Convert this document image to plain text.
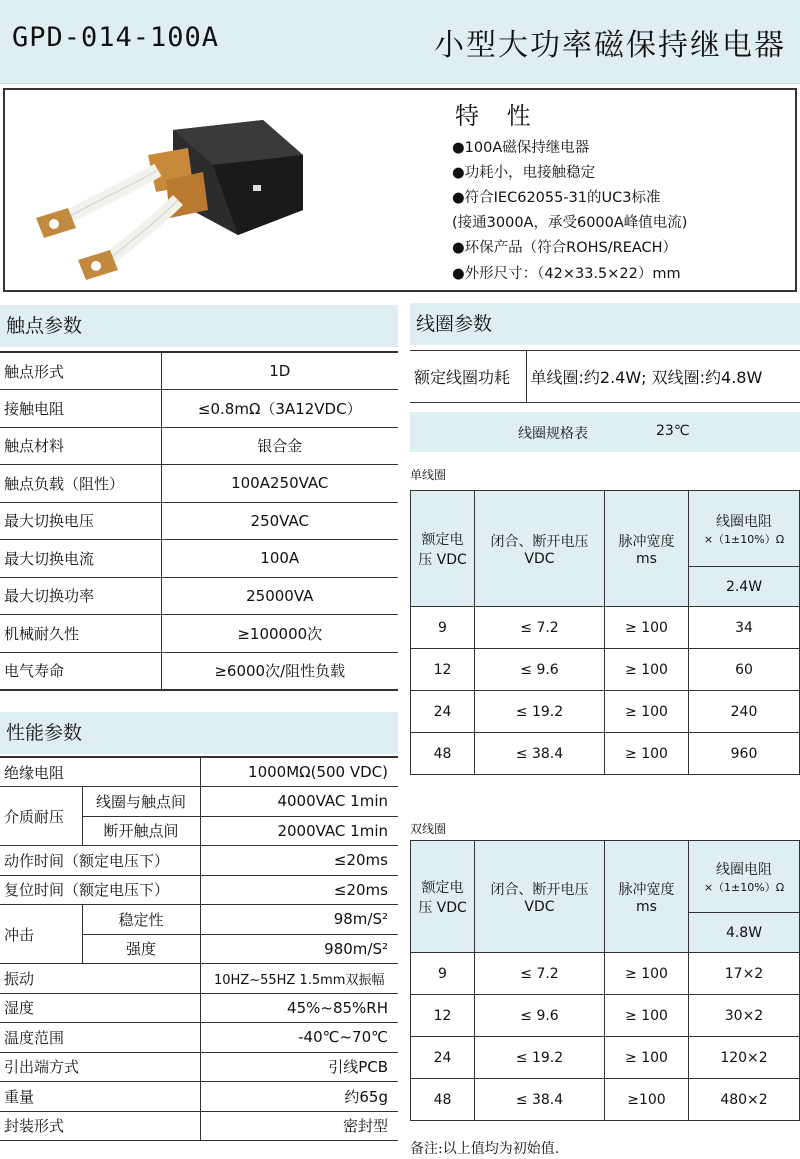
GPD-014-100A	小型大功率磁保持继电器
特 性
●100A磁保持继电器
●功耗小，电接触稳定
●符合IEC62055-31的UC3标准
(接通3000A，承受6000A峰值电流)
●环保产品（符合ROHS/REACH）
●外形尺寸：（42×33.5×22）mm
触点参数
触点形式	1D
接触电阻	≤0.8mΩ（3A12VDC）
触点材料	银合金
触点负载（阻性）	100A250VAC
最大切换电压	250VAC
最大切换电流	100A
最大切换功率	25000VA
机械耐久性	≥100000次
电气寿命	≥6000次/阻性负载
性能参数
绝缘电阻		1000MΩ(500 VDC)
介质耐压	线圈与触点间	4000VAC 1min
	断开触点间	2000VAC 1min
动作时间（额定电压下）		≤20ms
复位时间（额定电压下）		≤20ms
冲击	稳定性	98m/S²
	强度	980m/S²
振动		10HZ~55HZ 1.5mm双振幅
湿度		45%~85%RH
温度范围		-40℃~70℃
引出端方式		引线PCB
重量		约65g
封装形式		密封型
线圈参数
额定线圈功耗	单线圈:约2.4W; 双线圈:约4.8W
线圈规格表	23℃
单线圈
额定电压 VDC	闭合、断开电压 VDC	脉冲宽度 ms	线圈电阻
×（1±10%）Ω

			2.4W
9	≤ 7.2	≥ 100	34
12	≤ 9.6	≥ 100	60
24	≤ 19.2	≥ 100	240
48	≤ 38.4	≥ 100	960
双线圈
额定电压 VDC	闭合、断开电压 VDC	脉冲宽度 ms	线圈电阻
×（1±10%）Ω

			4.8W
9	≤ 7.2	≥ 100	17×2
12	≤ 9.6	≥ 100	30×2
24	≤ 19.2	≥ 100	120×2
48	≤ 38.4	≥100	480×2
备注:以上值均为初始值.
